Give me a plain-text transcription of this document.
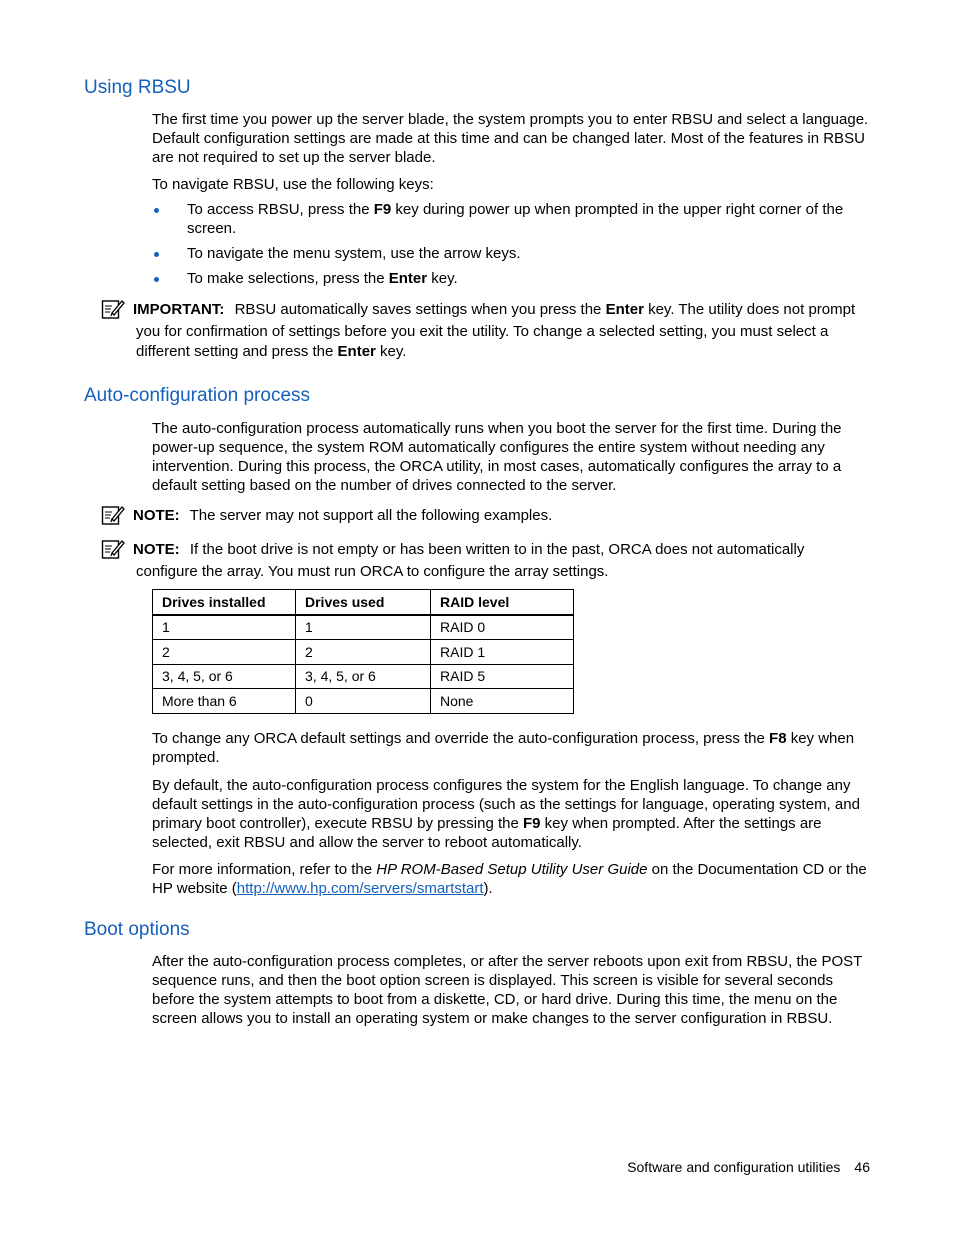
Using RBSU

The first time you power up the server blade, the system prompts you to enter RBSU and select a language. Default configuration settings are made at this time and can be changed later. Most of the features in RBSU are not required to set up the server blade.

To navigate RBSU, use the following keys:

To access RBSU, press the F9 key during power up when prompted in the upper right corner of the screen.
To navigate the menu system, use the arrow keys.
To make selections, press the Enter key.
IMPORTANT: RBSU automatically saves settings when you press the Enter key. The utility does not prompt
you for confirmation of settings before you exit the utility. To change a selected setting, you must select a different setting and press the Enter key.
Auto-configuration process

The auto-configuration process automatically runs when you boot the server for the first time. During the power-up sequence, the system ROM automatically configures the entire system without needing any intervention. During this process, the ORCA utility, in most cases, automatically configures the array to a default setting based on the number of drives connected to the server.

NOTE: The server may not support all the following examples.
NOTE: If the boot drive is not empty or has been written to in the past, ORCA does not automatically
configure the array. You must run ORCA to configure the array settings.
Drives installed	Drives used	RAID level
1	1	RAID 0
2	2	RAID 1
3, 4, 5, or 6	3, 4, 5, or 6	RAID 5
More than 6	0	None

To change any ORCA default settings and override the auto-configuration process, press the F8 key when prompted.

By default, the auto-configuration process configures the system for the English language. To change any default settings in the auto-configuration process (such as the settings for language, operating system, and primary boot controller), execute RBSU by pressing the F9 key when prompted. After the settings are selected, exit RBSU and allow the server to reboot automatically.

For more information, refer to the HP ROM-Based Setup Utility User Guide on the Documentation CD or the HP website (http://www.hp.com/servers/smartstart).

Boot options

After the auto-configuration process completes, or after the server reboots upon exit from RBSU, the POST sequence runs, and then the boot option screen is displayed. This screen is visible for several seconds before the system attempts to boot from a diskette, CD, or hard drive. During this time, the menu on the screen allows you to install an operating system or make changes to the server configuration in RBSU.

Software and configuration utilities 46
